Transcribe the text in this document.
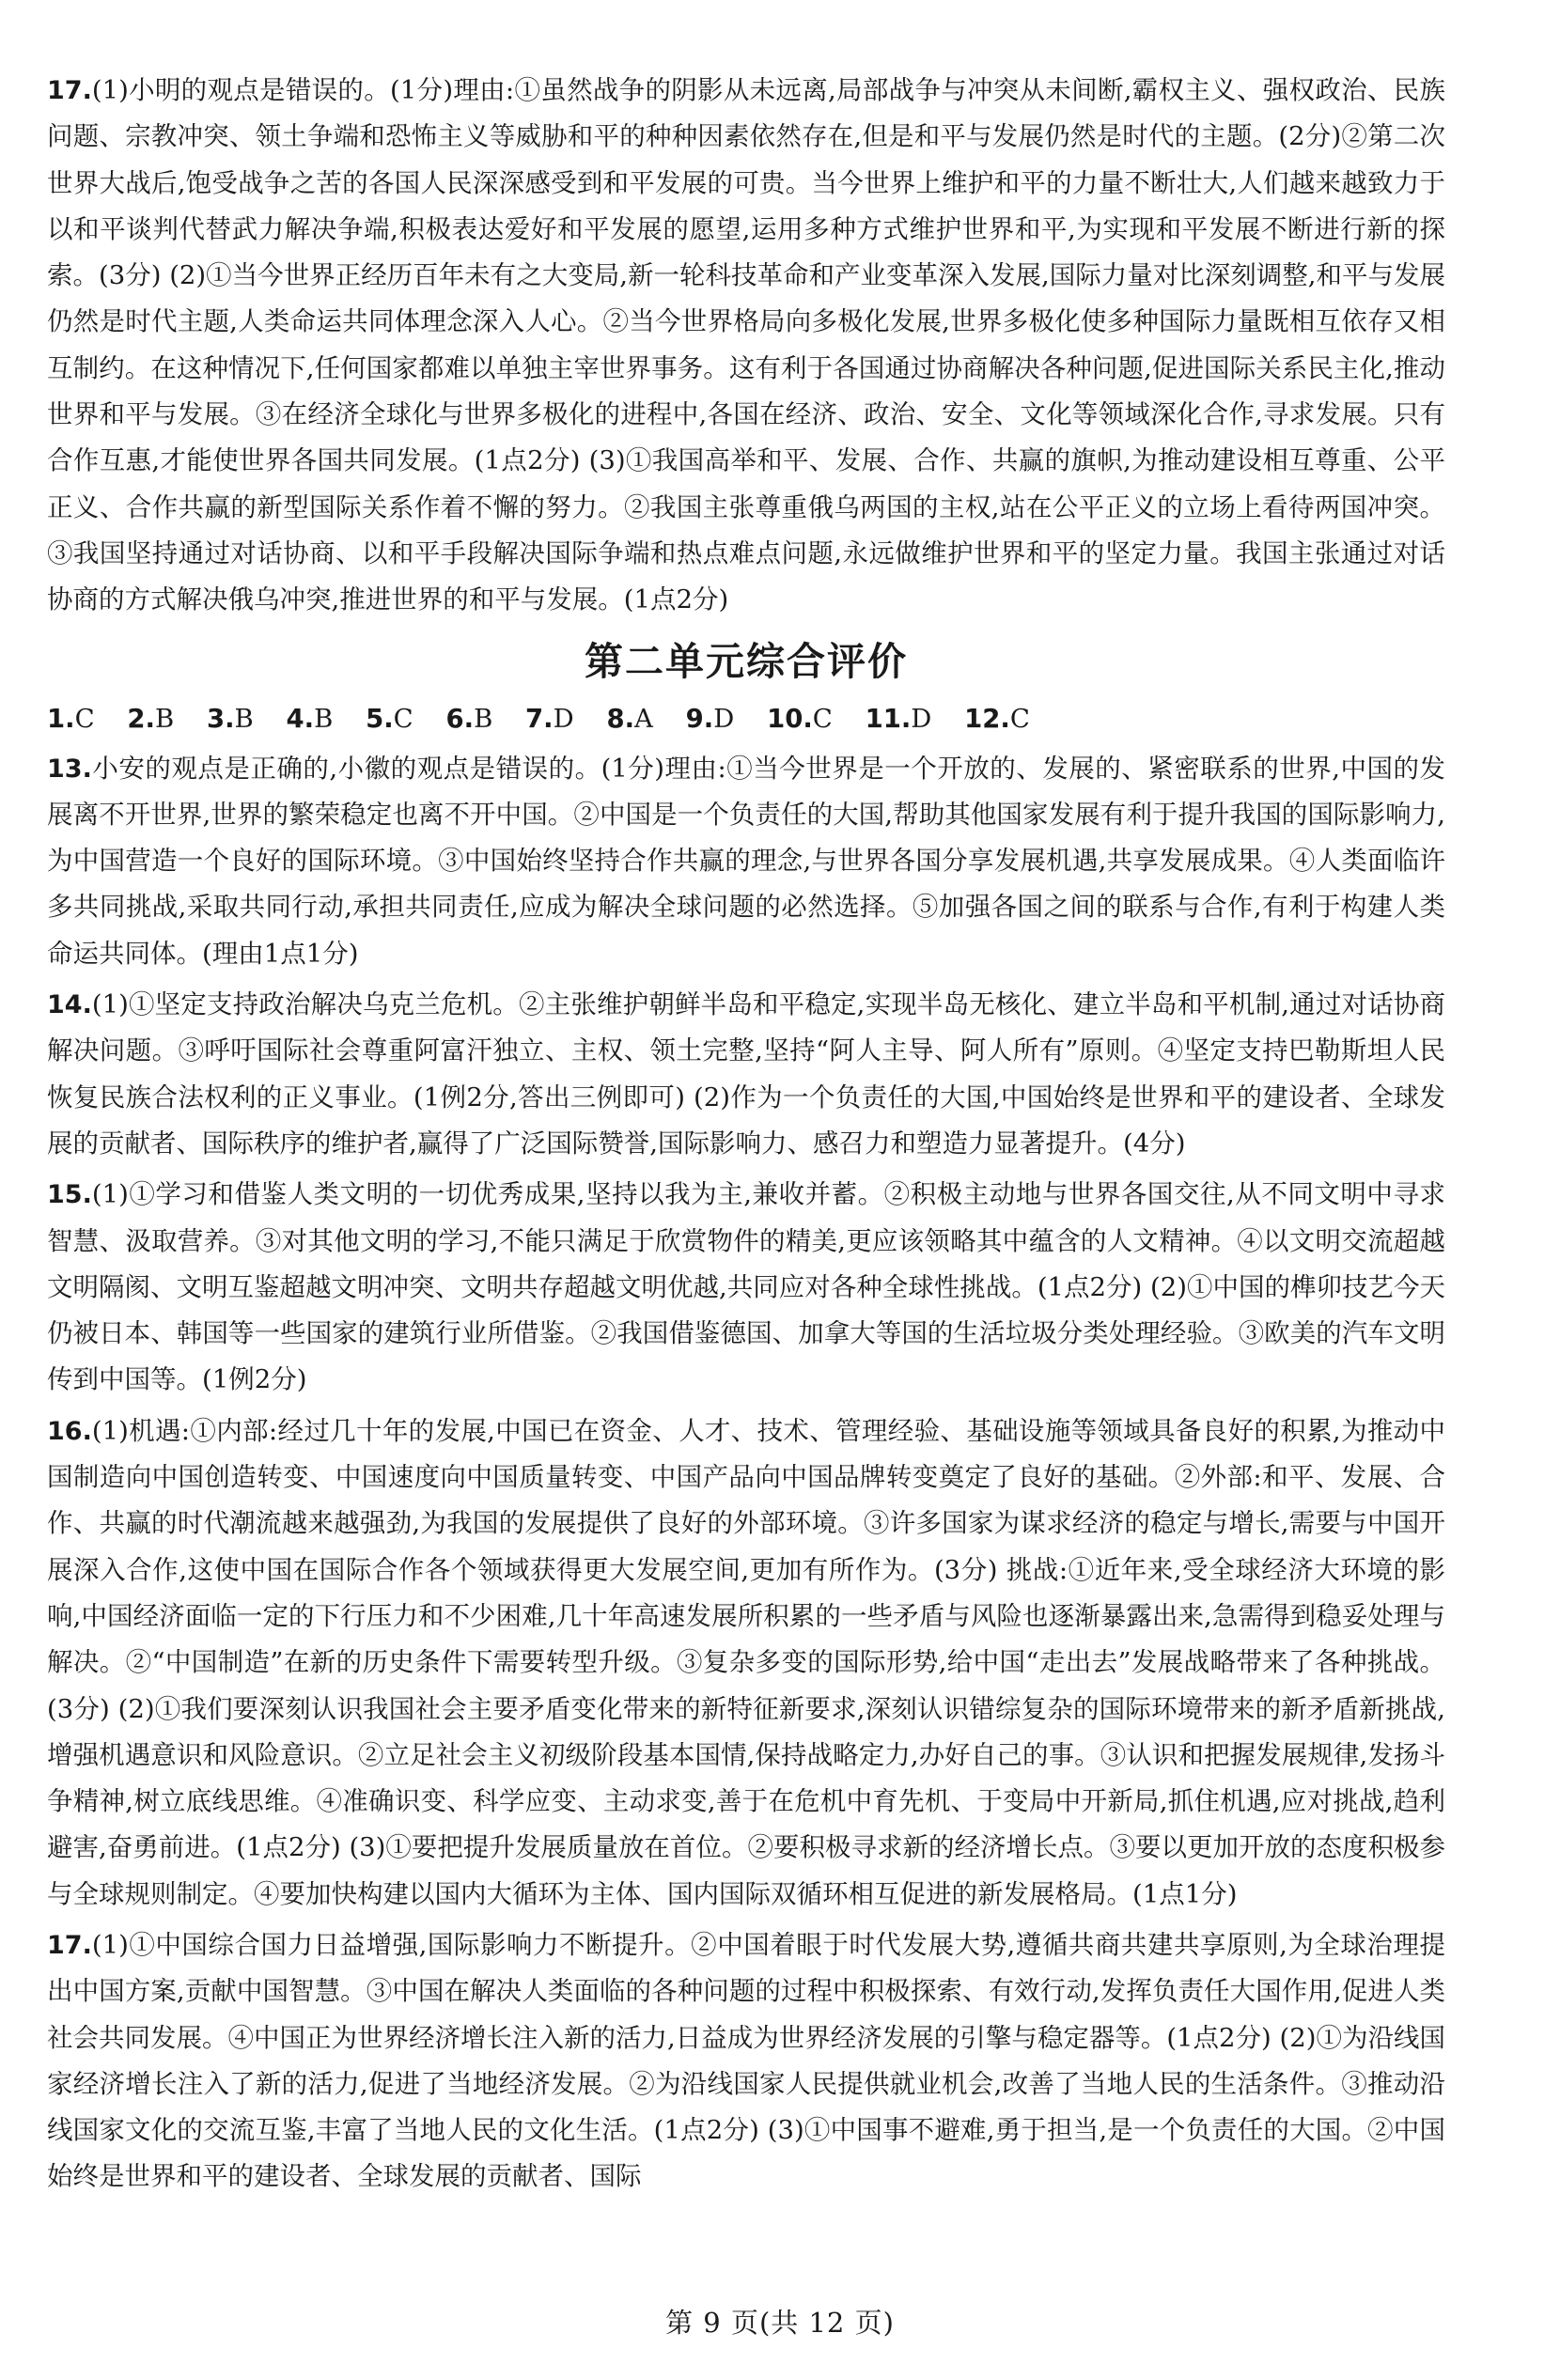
17.(1)小明的观点是错误的。(1分)理由:①虽然战争的阴影从未远离,局部战争与冲突从未间断,霸权主义、强权政治、民族问题、宗教冲突、领土争端和恐怖主义等威胁和平的种种因素依然存在,但是和平与发展仍然是时代的主题。(2分)②第二次世界大战后,饱受战争之苦的各国人民深深感受到和平发展的可贵。当今世界上维护和平的力量不断壮大,人们越来越致力于以和平谈判代替武力解决争端,积极表达爱好和平发展的愿望,运用多种方式维护世界和平,为实现和平发展不断进行新的探索。(3分) (2)①当今世界正经历百年未有之大变局,新一轮科技革命和产业变革深入发展,国际力量对比深刻调整,和平与发展仍然是时代主题,人类命运共同体理念深入人心。②当今世界格局向多极化发展,世界多极化使多种国际力量既相互依存又相互制约。在这种情况下,任何国家都难以单独主宰世界事务。这有利于各国通过协商解决各种问题,促进国际关系民主化,推动世界和平与发展。③在经济全球化与世界多极化的进程中,各国在经济、政治、安全、文化等领域深化合作,寻求发展。只有合作互惠,才能使世界各国共同发展。(1点2分) (3)①我国高举和平、发展、合作、共赢的旗帜,为推动建设相互尊重、公平正义、合作共赢的新型国际关系作着不懈的努力。②我国主张尊重俄乌两国的主权,站在公平正义的立场上看待两国冲突。③我国坚持通过对话协商、以和平手段解决国际争端和热点难点问题,永远做维护世界和平的坚定力量。我国主张通过对话协商的方式解决俄乌冲突,推进世界的和平与发展。(1点2分)
第二单元综合评价
1.C 2.B 3.B 4.B 5.C 6.B 7.D 8.A 9.D 10.C 11.D 12.C
13.小安的观点是正确的,小徽的观点是错误的。(1分)理由:①当今世界是一个开放的、发展的、紧密联系的世界,中国的发展离不开世界,世界的繁荣稳定也离不开中国。②中国是一个负责任的大国,帮助其他国家发展有利于提升我国的国际影响力,为中国营造一个良好的国际环境。③中国始终坚持合作共赢的理念,与世界各国分享发展机遇,共享发展成果。④人类面临许多共同挑战,采取共同行动,承担共同责任,应成为解决全球问题的必然选择。⑤加强各国之间的联系与合作,有利于构建人类命运共同体。(理由1点1分)
14.(1)①坚定支持政治解决乌克兰危机。②主张维护朝鲜半岛和平稳定,实现半岛无核化、建立半岛和平机制,通过对话协商解决问题。③呼吁国际社会尊重阿富汗独立、主权、领土完整,坚持“阿人主导、阿人所有”原则。④坚定支持巴勒斯坦人民恢复民族合法权利的正义事业。(1例2分,答出三例即可) (2)作为一个负责任的大国,中国始终是世界和平的建设者、全球发展的贡献者、国际秩序的维护者,赢得了广泛国际赞誉,国际影响力、感召力和塑造力显著提升。(4分)
15.(1)①学习和借鉴人类文明的一切优秀成果,坚持以我为主,兼收并蓄。②积极主动地与世界各国交往,从不同文明中寻求智慧、汲取营养。③对其他文明的学习,不能只满足于欣赏物件的精美,更应该领略其中蕴含的人文精神。④以文明交流超越文明隔阂、文明互鉴超越文明冲突、文明共存超越文明优越,共同应对各种全球性挑战。(1点2分) (2)①中国的榫卯技艺今天仍被日本、韩国等一些国家的建筑行业所借鉴。②我国借鉴德国、加拿大等国的生活垃圾分类处理经验。③欧美的汽车文明传到中国等。(1例2分)
16.(1)机遇:①内部:经过几十年的发展,中国已在资金、人才、技术、管理经验、基础设施等领域具备良好的积累,为推动中国制造向中国创造转变、中国速度向中国质量转变、中国产品向中国品牌转变奠定了良好的基础。②外部:和平、发展、合作、共赢的时代潮流越来越强劲,为我国的发展提供了良好的外部环境。③许多国家为谋求经济的稳定与增长,需要与中国开展深入合作,这使中国在国际合作各个领域获得更大发展空间,更加有所作为。(3分) 挑战:①近年来,受全球经济大环境的影响,中国经济面临一定的下行压力和不少困难,几十年高速发展所积累的一些矛盾与风险也逐渐暴露出来,急需得到稳妥处理与解决。②“中国制造”在新的历史条件下需要转型升级。③复杂多变的国际形势,给中国“走出去”发展战略带来了各种挑战。(3分) (2)①我们要深刻认识我国社会主要矛盾变化带来的新特征新要求,深刻认识错综复杂的国际环境带来的新矛盾新挑战,增强机遇意识和风险意识。②立足社会主义初级阶段基本国情,保持战略定力,办好自己的事。③认识和把握发展规律,发扬斗争精神,树立底线思维。④准确识变、科学应变、主动求变,善于在危机中育先机、于变局中开新局,抓住机遇,应对挑战,趋利避害,奋勇前进。(1点2分) (3)①要把提升发展质量放在首位。②要积极寻求新的经济增长点。③要以更加开放的态度积极参与全球规则制定。④要加快构建以国内大循环为主体、国内国际双循环相互促进的新发展格局。(1点1分)
17.(1)①中国综合国力日益增强,国际影响力不断提升。②中国着眼于时代发展大势,遵循共商共建共享原则,为全球治理提出中国方案,贡献中国智慧。③中国在解决人类面临的各种问题的过程中积极探索、有效行动,发挥负责任大国作用,促进人类社会共同发展。④中国正为世界经济增长注入新的活力,日益成为世界经济发展的引擎与稳定器等。(1点2分) (2)①为沿线国家经济增长注入了新的活力,促进了当地经济发展。②为沿线国家人民提供就业机会,改善了当地人民的生活条件。③推动沿线国家文化的交流互鉴,丰富了当地人民的文化生活。(1点2分) (3)①中国事不避难,勇于担当,是一个负责任的大国。②中国始终是世界和平的建设者、全球发展的贡献者、国际
第 9 页(共 12 页)
